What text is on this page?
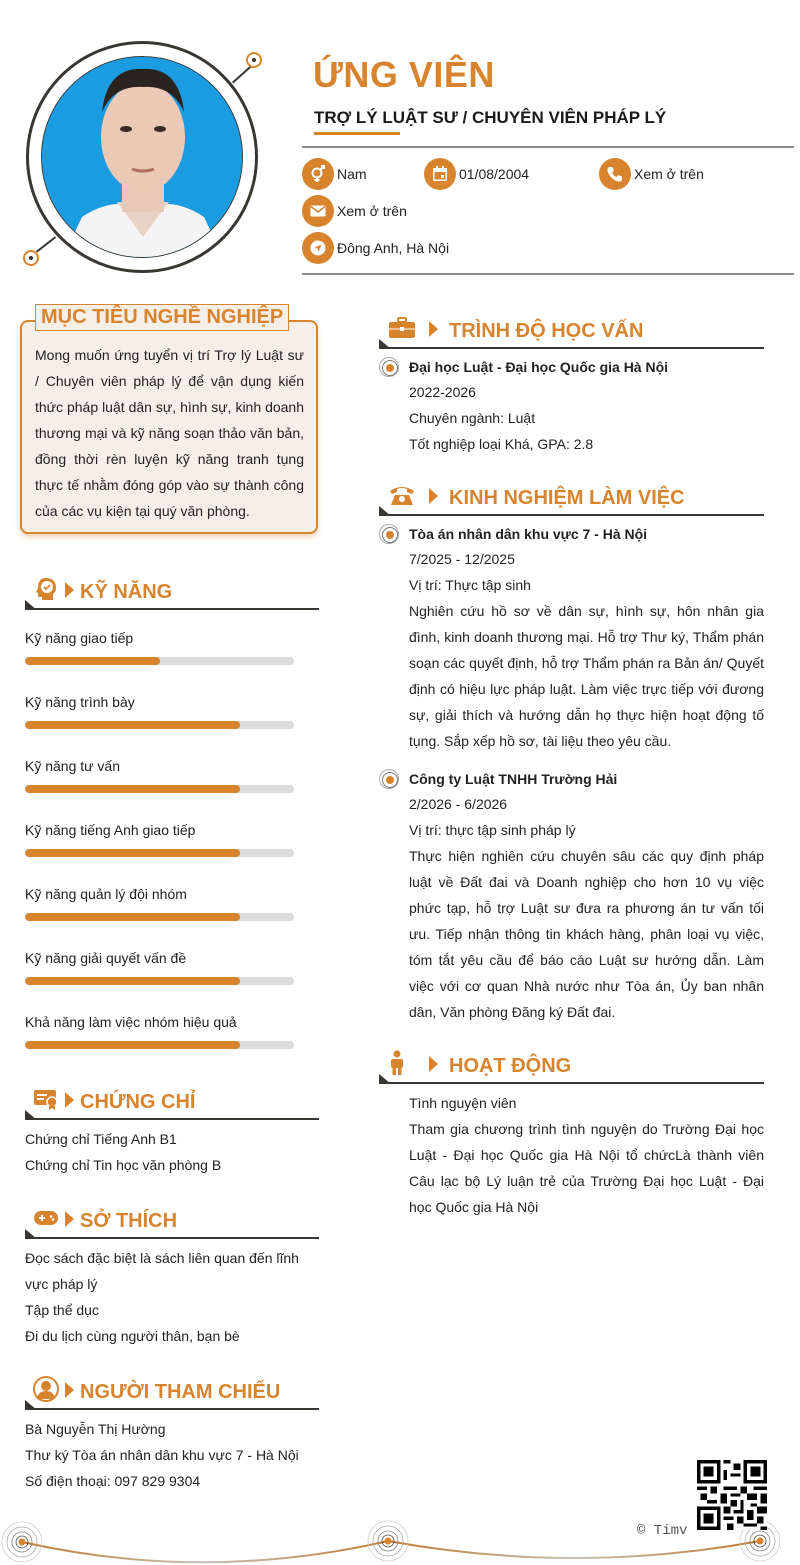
ỨNG VIÊN
TRỢ LÝ LUẬT SƯ / CHUYÊN VIÊN PHÁP LÝ
Nam	01/08/2004	Xem ở trên
Xem ở trên
Đông Anh, Hà Nội
MỤC TIÊU NGHỀ NGHIỆP
Mong muốn ứng tuyển vị trí Trợ lý Luật sư / Chuyên viên pháp lý để vận dụng kiến thức pháp luật dân sự, hình sự, kinh doanh thương mại và kỹ năng soạn thảo văn bản, đồng thời rèn luyện kỹ năng tranh tụng thực tế nhằm đóng góp vào sự thành công của các vụ kiện tại quý văn phòng.
KỸ NĂNG
Kỹ năng giao tiếp
Kỹ năng trình bày
Kỹ năng tư vấn
Kỹ năng tiếng Anh giao tiếp
Kỹ năng quản lý đội nhóm
Kỹ năng giải quyết vấn đề
Khả năng làm việc nhóm hiệu quả
CHỨNG CHỈ
Chứng chỉ Tiếng Anh B1
Chứng chỉ Tin học văn phòng B
SỞ THÍCH
Đọc sách đặc biệt là sách liên quan đến lĩnh vực pháp lý
Tập thể dục
Đi du lịch cùng người thân, bạn bè
NGƯỜI THAM CHIẾU
Bà Nguyễn Thị Hường
Thư ký Tòa án nhân dân khu vực 7 - Hà Nội
Số điện thoại: 097 829 9304
TRÌNH ĐỘ HỌC VẤN
Đại học Luật - Đại học Quốc gia Hà Nội
2022-2026
Chuyên ngành: Luật
Tốt nghiệp loại Khá, GPA: 2.8
KINH NGHIỆM LÀM VIỆC
Tòa án nhân dân khu vực 7 - Hà Nội
7/2025 - 12/2025
Vị trí: Thực tập sinh
Nghiên cứu hồ sơ về dân sự, hình sự, hôn nhân gia đình, kinh doanh thương mại. Hỗ trợ Thư ký, Thẩm phán soạn các quyết định, hỗ trợ Thẩm phán ra Bản án/ Quyết định có hiệu lực pháp luật. Làm việc trực tiếp với đương sự, giải thích và hướng dẫn họ thực hiện hoạt động tố tụng. Sắp xếp hồ sơ, tài liệu theo yêu cầu.
Công ty Luật TNHH Trường Hải
2/2026 - 6/2026
Vị trí: thực tập sinh pháp lý
Thực hiện nghiên cứu chuyên sâu các quy định pháp luật về Đất đai và Doanh nghiệp cho hơn 10 vụ việc phức tạp, hỗ trợ Luật sư đưa ra phương án tư vấn tối ưu. Tiếp nhận thông tin khách hàng, phân loại vụ việc, tóm tắt yêu cầu để báo cáo Luật sư hướng dẫn. Làm việc với cơ quan Nhà nước như Tòa án, Ủy ban nhân dân, Văn phòng Đăng ký Đất đai.
HOẠT ĐỘNG
Tình nguyện viên
Tham gia chương trình tình nguyện do Trường Đại học Luật - Đại học Quốc gia Hà Nội tổ chứcLà thành viên Câu lạc bộ Lý luận trẻ của Trường Đại học Luật - Đại học Quốc gia Hà Nội
© Timv
